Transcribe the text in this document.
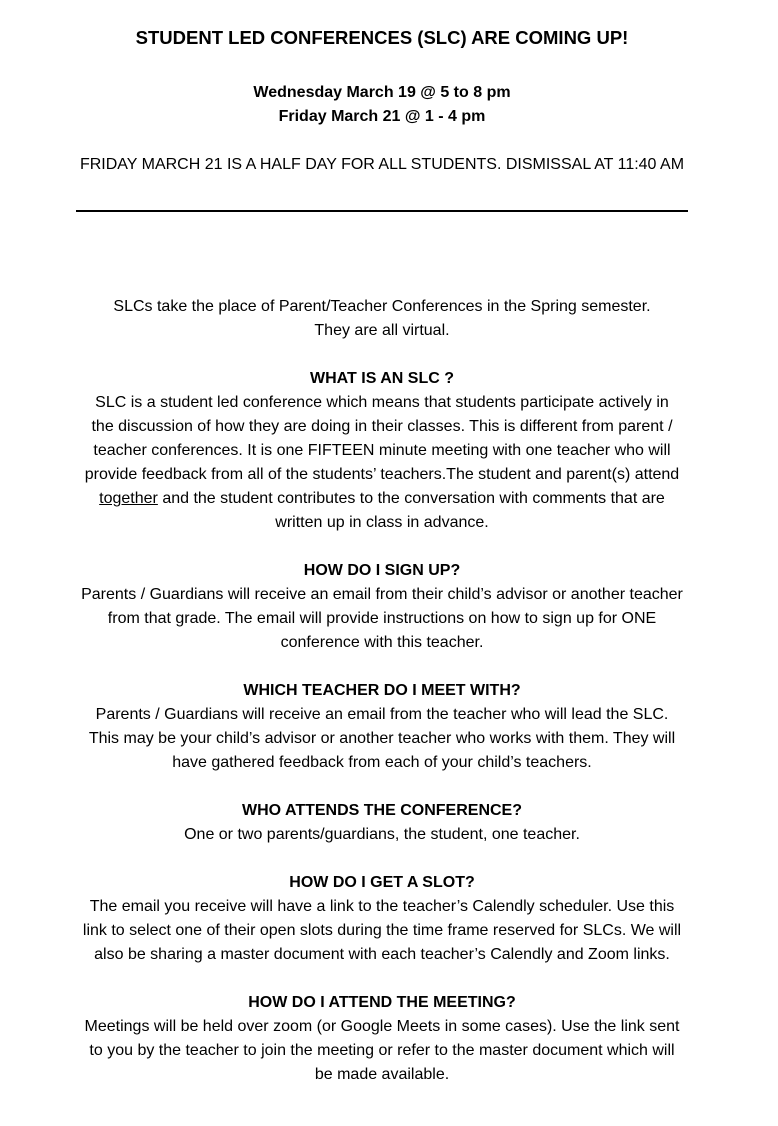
STUDENT LED CONFERENCES (SLC) ARE COMING UP!
Wednesday March 19 @ 5 to 8 pm
Friday March 21 @ 1 - 4 pm
FRIDAY MARCH 21 IS A HALF DAY FOR ALL STUDENTS. DISMISSAL AT 11:40 AM
SLCs take the place of Parent/Teacher Conferences in the Spring semester.
They are all virtual.
WHAT IS AN SLC ?
SLC is a student led conference which means that students participate actively in
the discussion of how they are doing in their classes. This is different from parent /
teacher conferences. It is one FIFTEEN minute meeting with one teacher who will
provide feedback from all of the students’ teachers.The student and parent(s) attend
together and the student contributes to the conversation with comments that are
written up in class in advance.
HOW DO I SIGN UP?
Parents / Guardians will receive an email from their child’s advisor or another teacher
from that grade. The email will provide instructions on how to sign up for ONE
conference with this teacher.
WHICH TEACHER DO I MEET WITH?
Parents / Guardians will receive an email from the teacher who will lead the SLC.
This may be your child’s advisor or another teacher who works with them. They will
have gathered feedback from each of your child’s teachers.
WHO ATTENDS THE CONFERENCE?
One or two parents/guardians, the student, one teacher.
HOW DO I GET A SLOT?
The email you receive will have a link to the teacher’s Calendly scheduler. Use this
link to select one of their open slots during the time frame reserved for SLCs. We will
also be sharing a master document with each teacher’s Calendly and Zoom links.
HOW DO I ATTEND THE MEETING?
Meetings will be held over zoom (or Google Meets in some cases). Use the link sent
to you by the teacher to join the meeting or refer to the master document which will
be made available.
